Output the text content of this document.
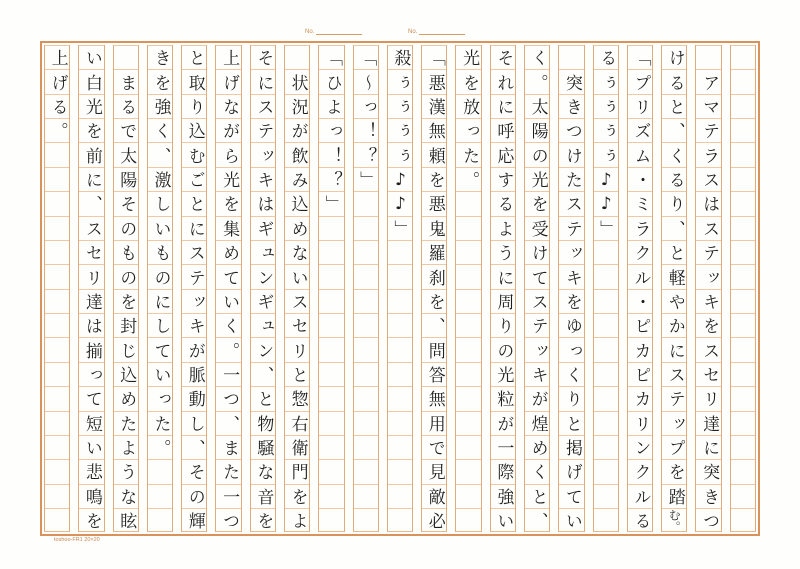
No.	No.
ア
マ
テ
ラ
ス
は
ス
テ
ッ
キ
を
ス
セ
リ
達
に
突
き
つ
け
る
と
、
く
る
り
、
と
軽
や
か
に
ス
テ
ッ
プ
を
踏
む。
「
プ
リ
ズ
ム
・
ミ
ラ
ク
ル
・
ピ
カ
ピ
カ
リ
ン
ク
ル
る
る
ぅ
ぅ
ぅ
ぅ
♪
♪
」
突
き
つ
け
た
ス
テ
ッ
キ
を
ゆ
っ
く
り
と
掲
げ
て
い
く
。
太
陽
の
光
を
受
け
て
ス
テ
ッ
キ
が
煌
め
く
と
、
そ
れ
に
呼
応
す
る
よ
う
に
周
り
の
光
粒
が
一
際
強
い
光
を
放
っ
た
。
「
悪
漢
無
頼
を
悪
鬼
羅
刹
を
、
問
答
無
用
で
見
敵
必
殺
ぅ
ぅ
ぅ
ぅ
♪
♪
」
「
〜
っ
！
？
」
「
ひ
よ
っ
！
？
」
状
況
が
飲
み
込
め
な
い
ス
セ
リ
と
惣
右
衛
門
を
よ
そ
に
ス
テ
ッ
キ
は
ギ
ュ
ン
ギ
ュ
ン
、
と
物
騒
な
音
を
上
げ
な
が
ら
光
を
集
め
て
い
く
。
一
つ
、
ま
た
一
つ
と
取
り
込
む
ご
と
に
ス
テ
ッ
キ
が
脈
動
し
、
そ
の
輝
き
を
強
く
、
激
し
い
も
の
に
し
て
い
っ
た
。
ま
る
で
太
陽
そ
の
も
の
を
封
じ
込
め
た
よ
う
な
眩
い
白
光
を
前
に
、
ス
セ
リ
達
は
揃
っ
て
短
い
悲
鳴
を
上
げ
る
。
toshoo-FR1 20×20
